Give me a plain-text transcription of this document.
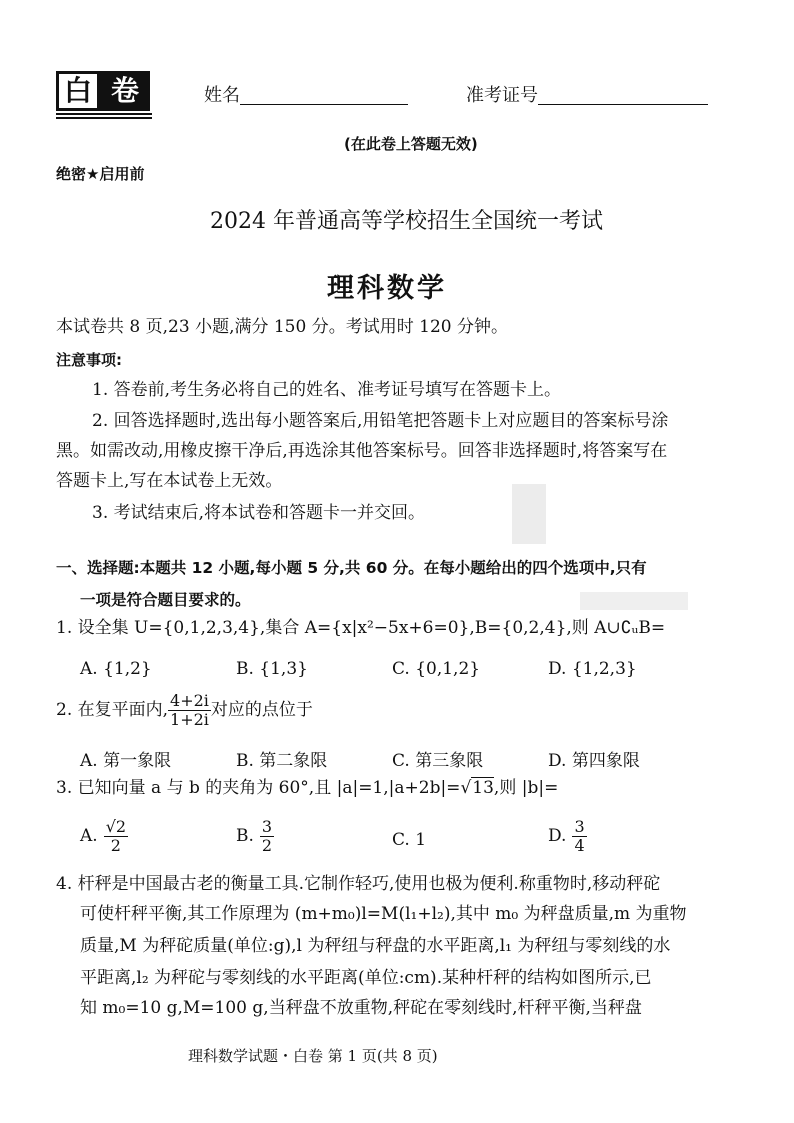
白 卷	姓名	准考证号
(在此卷上答题无效)
绝密★启用前
2024 年普通高等学校招生全国统一考试
理科数学
本试卷共 8 页,23 小题,满分 150 分。考试用时 120 分钟。
注意事项:
1. 答卷前,考生务必将自己的姓名、准考证号填写在答题卡上。
2. 回答选择题时,选出每小题答案后,用铅笔把答题卡上对应题目的答案标号涂
黑。如需改动,用橡皮擦干净后,再选涂其他答案标号。回答非选择题时,将答案写在
答题卡上,写在本试卷上无效。
3. 考试结束后,将本试卷和答题卡一并交回。
一、选择题:本题共 12 小题,每小题 5 分,共 60 分。在每小题给出的四个选项中,只有
一项是符合题目要求的。
1. 设全集 U={0,1,2,3,4},集合 A={x|x²−5x+6=0},B={0,2,4},则 A∪∁ᵤB=
A. {1,2}	B. {1,3}	C. {0,1,2}	D. {1,2,3}
2. 在复平面内, $\frac{4+2i}{1+2i}$ 对应的点位于
A. 第一象限	B. 第二象限	C. 第三象限	D. 第四象限
3. 已知向量 a 与 b 的夹角为 60°,且 |a|=1,|a+2b|= √13 ,则 |b|=
A. $\frac{√2}{2}$	B. $\frac{3}{2}$	C. 1	D. $\frac{3}{4}$
4. 杆秤是中国最古老的衡量工具.它制作轻巧,使用也极为便利.称重物时,移动秤砣
可使杆秤平衡,其工作原理为 (m+m₀)l=M(l₁+l₂),其中 m₀ 为秤盘质量,m 为重物
质量,M 为秤砣质量(单位:g),l 为秤纽与秤盘的水平距离,l₁ 为秤纽与零刻线的水
平距离,l₂ 为秤砣与零刻线的水平距离(单位:cm).某种杆秤的结构如图所示,已
知 m₀=10 g,M=100 g,当秤盘不放重物,秤砣在零刻线时,杆秤平衡,当秤盘
理科数学试题・白卷 第 1 页(共 8 页)
